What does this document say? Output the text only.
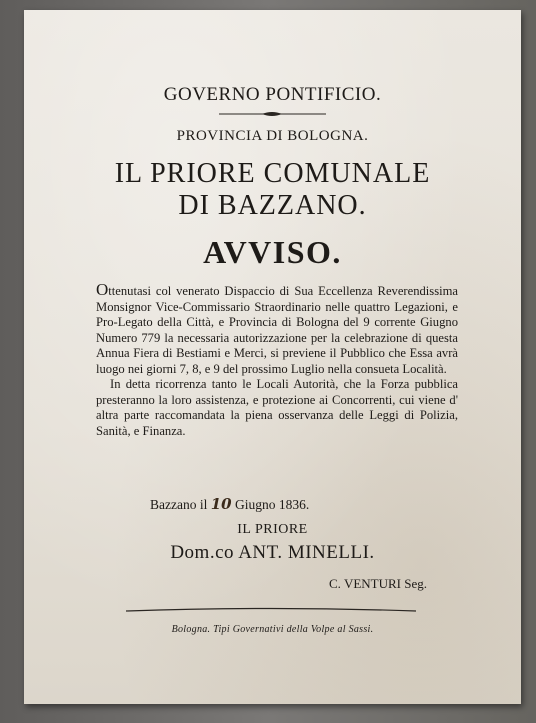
GOVERNO PONTIFICIO.
PROVINCIA DI BOLOGNA.
IL PRIORE COMUNALE
DI BAZZANO.
AVVISO.

Ottenutasi col venerato Dispaccio di Sua Eccellenza Reverendissima Monsignor Vice-Commissario Straordinario nelle quattro Legazioni, e Pro-Legato della Città, e Provincia di Bologna del 9 corrente Giugno Numero 779 la necessaria autorizzazione per la celebrazione di questa Annua Fiera di Bestiami e Merci, si previene il Pubblico che Essa avrà luogo nei giorni 7, 8, e 9 del prossimo Luglio nella consueta Località.

In detta ricorrenza tanto le Locali Autorità, che la Forza pubblica presteranno la loro assistenza, e protezione ai Concorrenti, cui viene d' altra parte raccomandata la piena osservanza delle Leggi di Polizia, Sanità, e Finanza.

Bazzano il 10 Giugno 1836.
IL PRIORE
Dom.co ANT. MINELLI.
C. VENTURI Seg.
Bologna. Tipi Governativi della Volpe al Sassi.
